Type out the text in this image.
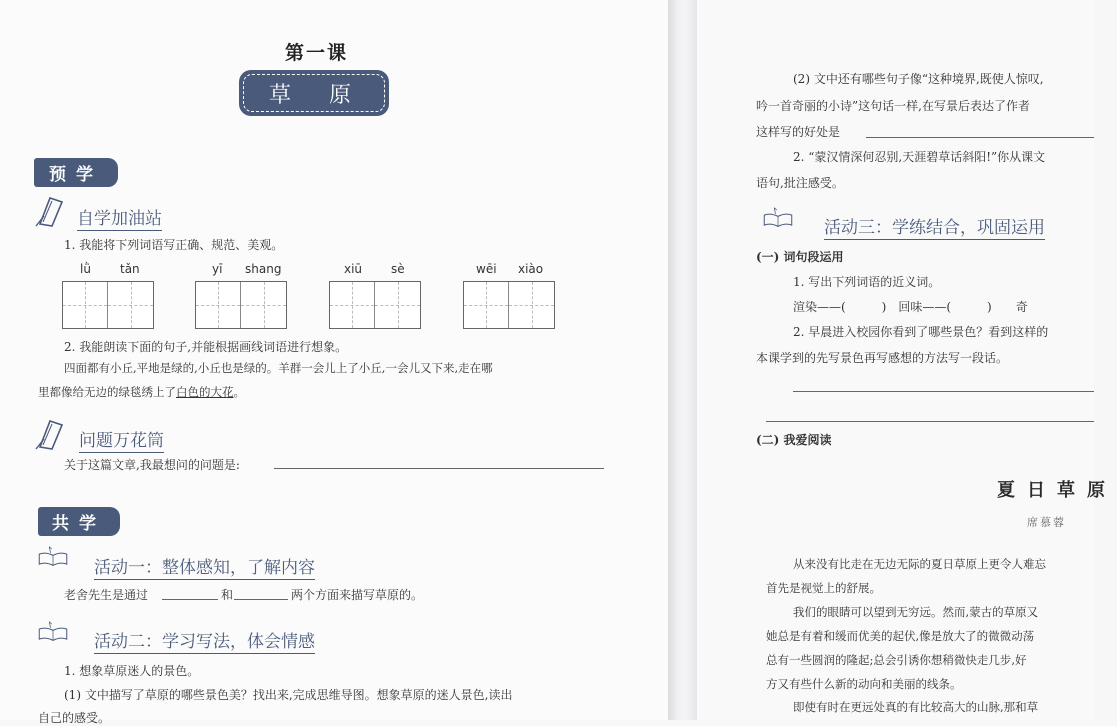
第一课
草　原
预学
自学加油站
1. 我能将下列词语写正确、规范、美观。
lǜ tǎn	yī shang	xiū sè	wēi xiào
2. 我能朗读下面的句子,并能根据画线词语进行想象。
四面都有小丘,平地是绿的,小丘也是绿的。羊群一会儿上了小丘,一会儿又下来,走在哪
里都像给无边的绿毯绣上了白色的大花。
问题万花筒
关于这篇文章,我最想问的问题是:
共学
活动一：整体感知，了解内容
老舍先生是通过	和	两个方面来描写草原的。
活动二：学习写法，体会情感
1. 想象草原迷人的景色。
(1) 文中描写了草原的哪些景色美？找出来,完成思维导图。想象草原的迷人景色,读出
自己的感受。
(2) 文中还有哪些句子像“这种境界,既使人惊叹,
吟一首奇丽的小诗”这句话一样,在写景后表达了作者
这样写的好处是
2. “蒙汉情深何忍别,天涯碧草话斜阳!”你从课文
语句,批注感受。
活动三：学练结合，巩固运用
(一) 词句段运用
1. 写出下列词语的近义词。
渲染——(　　　)　回味——(　　　)　　奇
2. 早晨进入校园你看到了哪些景色？看到这样的
本课学到的先写景色再写感想的方法写一段话。
(二) 我爱阅读
夏日草原
席慕蓉
从来没有比走在无边无际的夏日草原上更令人难忘
首先是视觉上的舒展。
我们的眼睛可以望到无穷远。然而,蒙古的草原又
她总是有着和缓而优美的起伏,像是放大了的微微动荡
总有一些圆润的隆起;总会引诱你想稍微快走几步,好
方又有些什么新的动向和美丽的线条。
即使有时在更远处真的有比较高大的山脉,那和草
